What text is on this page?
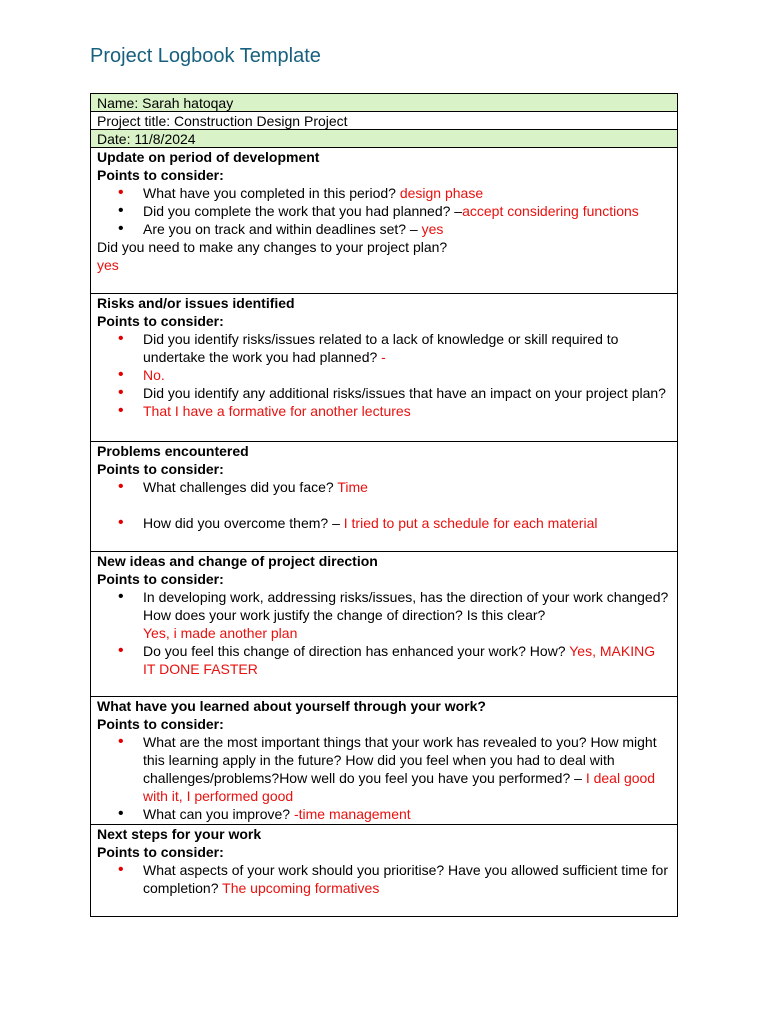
Project Logbook Template
Name: Sarah hatoqay
Project title: Construction Design Project
Date: 11/8/2024
Update on period of development
Points to consider:
• What have you completed in this period? design phase
• Did you complete the work that you had planned? –accept considering functions
• Are you on track and within deadlines set? – yes
Did you need to make any changes to your project plan?
yes
Risks and/or issues identified
Points to consider:
• Did you identify risks/issues related to a lack of knowledge or skill required to undertake the work you had planned? -
• No.
• Did you identify any additional risks/issues that have an impact on your project plan?
• That I have a formative for another lectures
Problems encountered
Points to consider:
• What challenges did you face? Time
• How did you overcome them? – I tried to put a schedule for each material
New ideas and change of project direction
Points to consider:
• In developing work, addressing risks/issues, has the direction of your work changed? How does your work justify the change of direction? Is this clear?
Yes, i made another plan
• Do you feel this change of direction has enhanced your work? How? Yes, MAKING IT DONE FASTER
What have you learned about yourself through your work?
Points to consider:
• What are the most important things that your work has revealed to you? How might this learning apply in the future? How did you feel when you had to deal with challenges/problems?How well do you feel you have you performed? – I deal good with it, I performed good
• What can you improve? -time management
Next steps for your work
Points to consider:
• What aspects of your work should you prioritise? Have you allowed sufficient time for completion? The upcoming formatives
